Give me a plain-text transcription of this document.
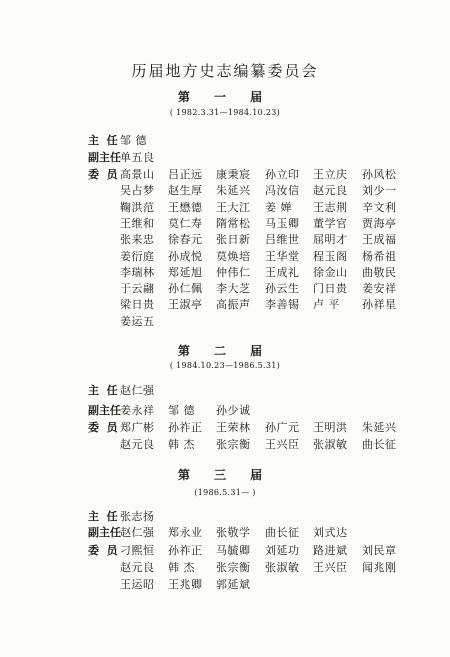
历届地方史志编纂委员会
第 一 届
( 1982.3.31—1984.10.23)
主  任 邹 德
副主任 单五良
委  员 高景山 吕正远 康秉宸 孙立印 王立庆 孙风松
吴占梦 赵生厚 朱延兴 冯汝信 赵元良 刘少一
鞠洪范 王懋德 王大江 姜 婵 王志荆 辛文利
王维和 莫仁寿 隋常松 马玉卿 董学官 贾海亭
张来忠 徐春元 张日新 吕维世 屈明才 王成福
姜衍庭 孙成悦 莫焕培 王华堂 程玉阁 杨希祖
李瑞林 郑延旭 仲伟仁 王成礼 徐金山 曲敬民
于云翮 孙仁佩 李大芝 孙云生 门日贵 姜安祥
梁日贵 王淑亭 高振声 李善锡 卢 平 孙祥星
姜运五
第 二 届
( 1984.10.23—1986.5.31)
主  任 赵仁强
副主任 姜永祥 邹 德 孙少诚
委  员 郑广彬 孙祚正 王荣林 孙广元 王明洪 朱延兴
赵元良 韩 杰 张宗衡 王兴臣 张淑敏 曲长征
第 三 届
(1986.5.31— )
主  任 张志扬
副主任 赵仁强 郑永业 张敬学 曲长征 刘式达
委  员 刁熙恒 孙祚正 马毓卿 刘延功 路进斌 刘民章
赵元良 韩 杰 张宗衡 张淑敏 王兴臣 闻兆刚
王运昭 王兆卿 郭延斌
